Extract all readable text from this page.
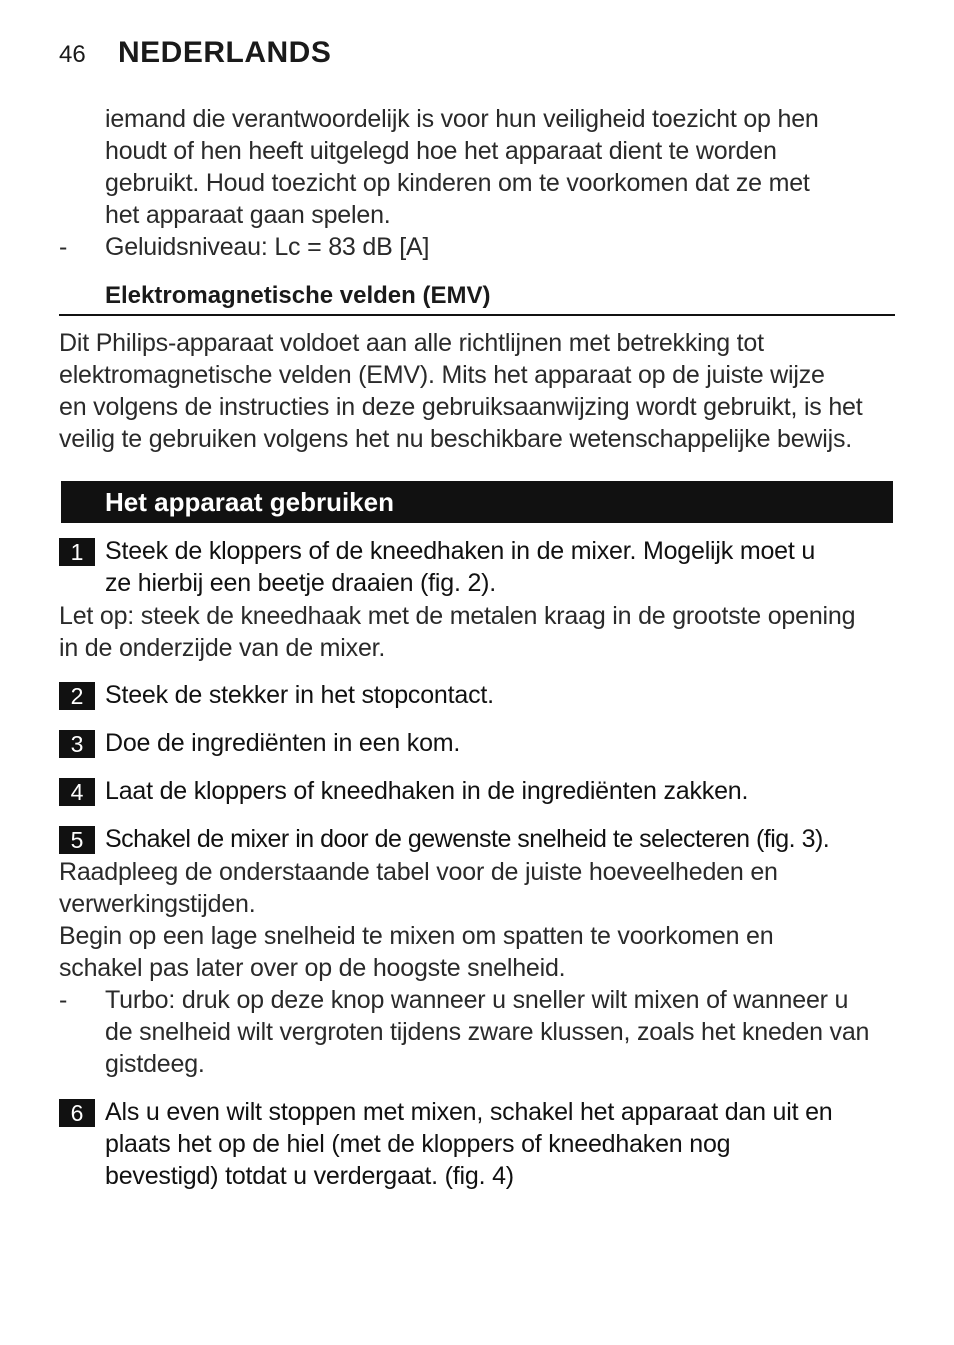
46 NEDERLANDS
iemand die verantwoordelijk is voor hun veiligheid toezicht op hen
houdt of hen heeft uitgelegd hoe het apparaat dient te worden
gebruikt. Houd toezicht op kinderen om te voorkomen dat ze met
het apparaat gaan spelen.
- Geluidsniveau: Lc = 83 dB [A]
Elektromagnetische velden (EMV)
Dit Philips-apparaat voldoet aan alle richtlijnen met betrekking tot
elektromagnetische velden (EMV). Mits het apparaat op de juiste wijze
en volgens de instructies in deze gebruiksaanwijzing wordt gebruikt, is het
veilig te gebruiken volgens het nu beschikbare wetenschappelijke bewijs.
Het apparaat gebruiken
1 Steek de kloppers of de kneedhaken in de mixer. Mogelijk moet u
ze hierbij een beetje draaien (fig. 2).
Let op: steek de kneedhaak met de metalen kraag in de grootste opening
in de onderzijde van de mixer.
2 Steek de stekker in het stopcontact.
3 Doe de ingrediënten in een kom.
4 Laat de kloppers of kneedhaken in de ingrediënten zakken.
5 Schakel de mixer in door de gewenste snelheid te selecteren (fig. 3).
Raadpleeg de onderstaande tabel voor de juiste hoeveelheden en
verwerkingstijden.
Begin op een lage snelheid te mixen om spatten te voorkomen en
schakel pas later over op de hoogste snelheid.
- Turbo: druk op deze knop wanneer u sneller wilt mixen of wanneer u
de snelheid wilt vergroten tijdens zware klussen, zoals het kneden van
gistdeeg.
6 Als u even wilt stoppen met mixen, schakel het apparaat dan uit en
plaats het op de hiel (met de kloppers of kneedhaken nog
bevestigd) totdat u verdergaat. (fig. 4)
